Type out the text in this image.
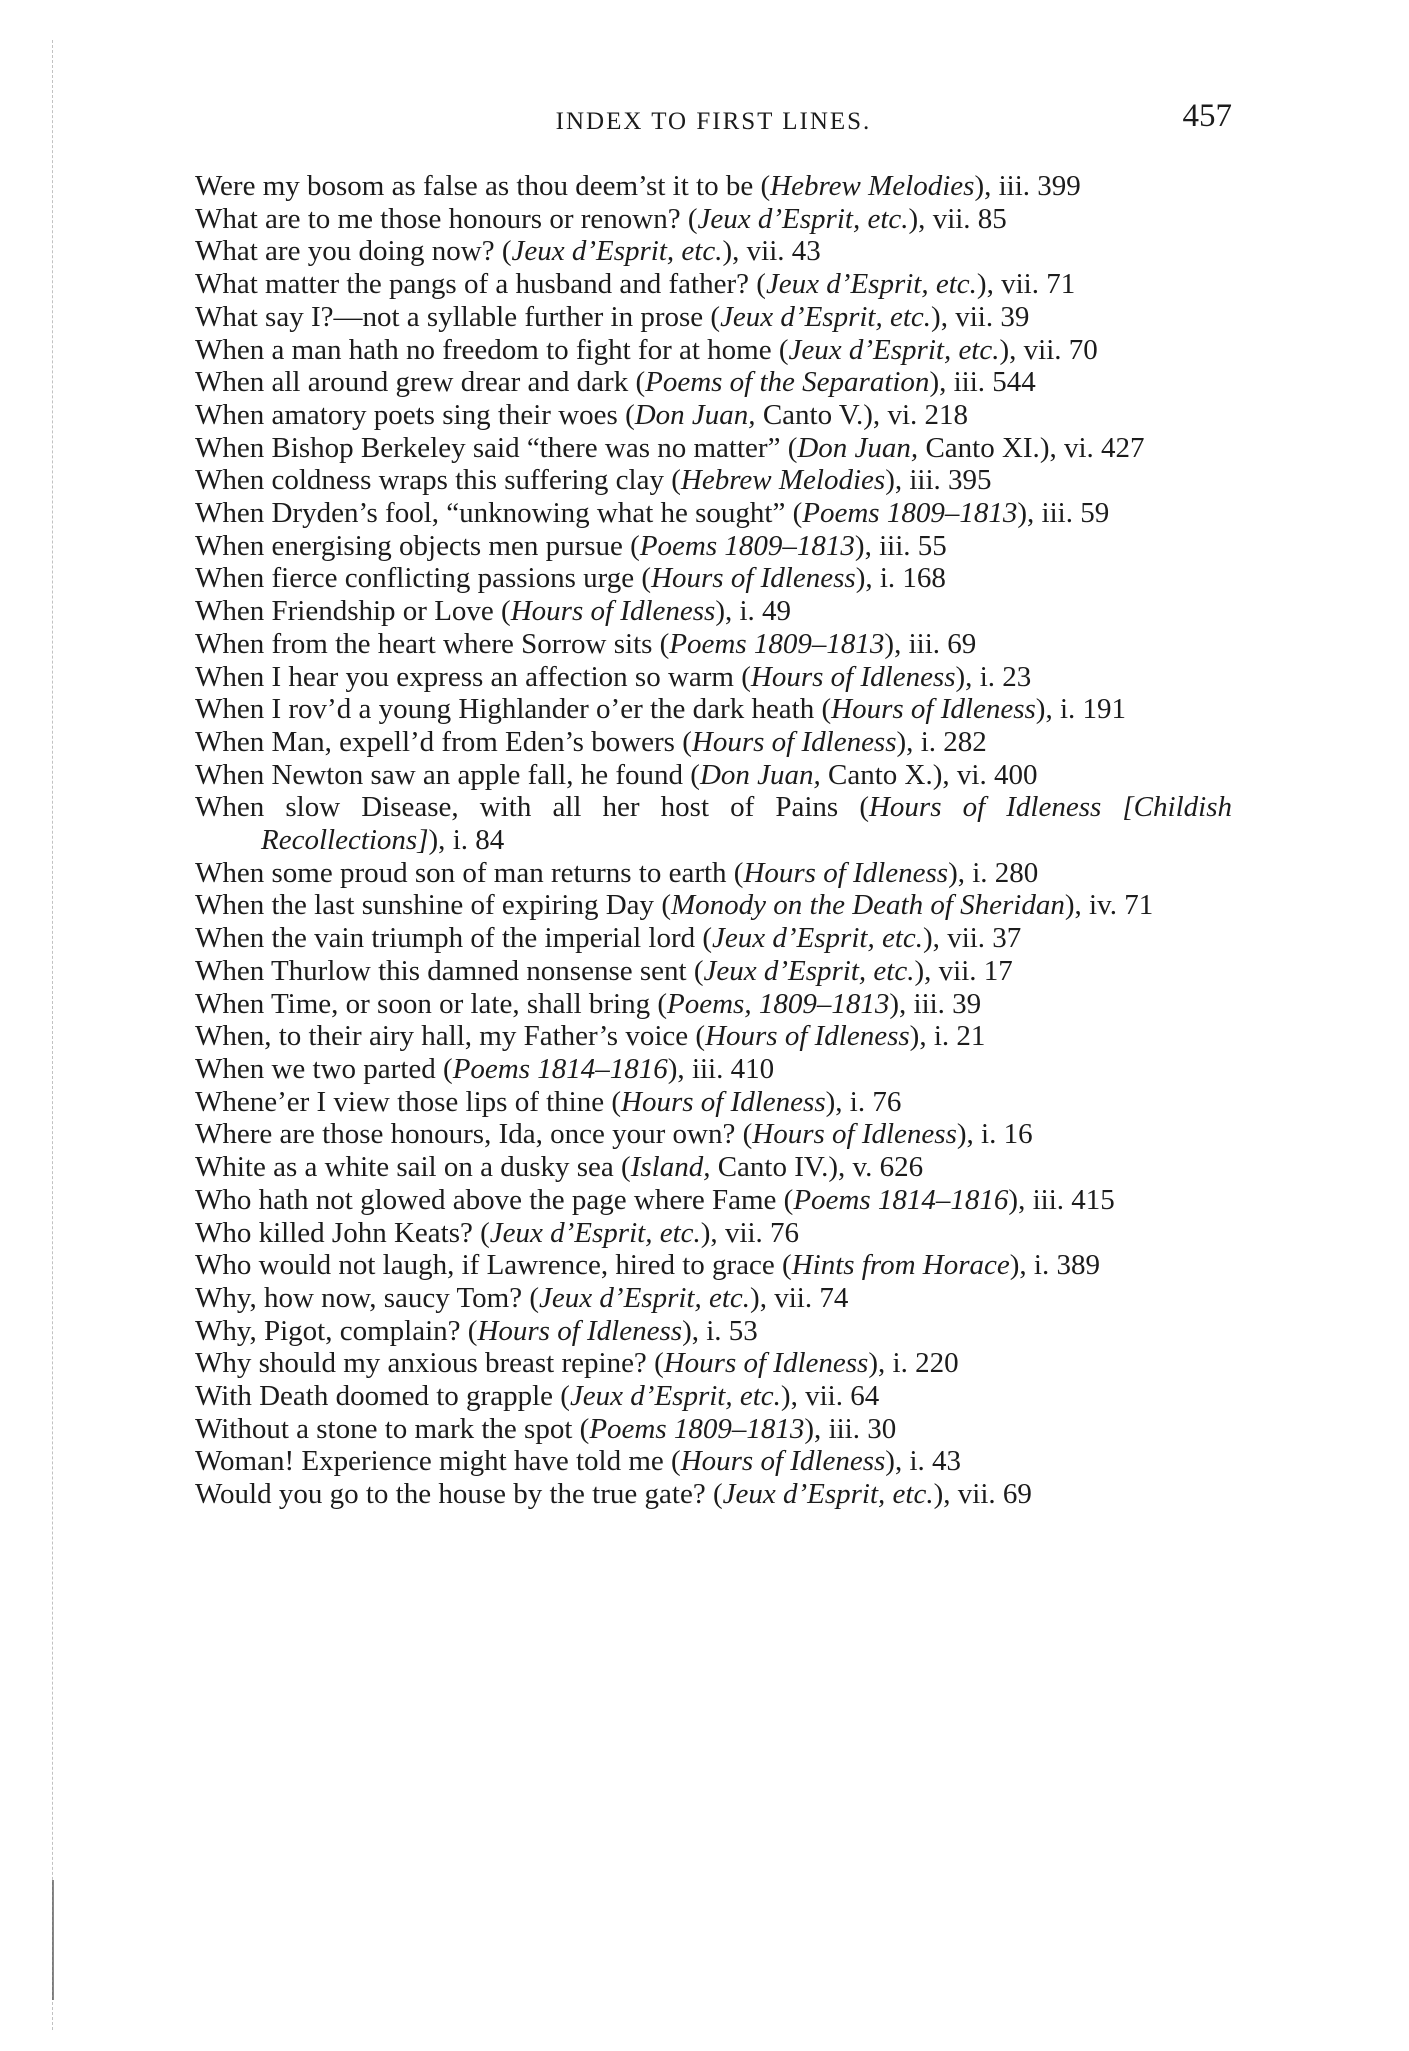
INDEX TO FIRST LINES.	457
Were my bosom as false as thou deem’st it to be (Hebrew Melodies), iii. 399
What are to me those honours or renown? (Jeux d’Esprit, etc.), vii. 85
What are you doing now? (Jeux d’Esprit, etc.), vii. 43
What matter the pangs of a husband and father? (Jeux d’Esprit, etc.), vii. 71
What say I?—not a syllable further in prose (Jeux d’Esprit, etc.), vii. 39
When a man hath no freedom to fight for at home (Jeux d’Esprit, etc.), vii. 70
When all around grew drear and dark (Poems of the Separation), iii. 544
When amatory poets sing their woes (Don Juan, Canto V.), vi. 218
When Bishop Berkeley said “there was no matter” (Don Juan, Canto XI.), vi. 427
When coldness wraps this suffering clay (Hebrew Melodies), iii. 395
When Dryden’s fool, “unknowing what he sought” (Poems 1809–1813), iii. 59
When energising objects men pursue (Poems 1809–1813), iii. 55
When fierce conflicting passions urge (Hours of Idleness), i. 168
When Friendship or Love (Hours of Idleness), i. 49
When from the heart where Sorrow sits (Poems 1809–1813), iii. 69
When I hear you express an affection so warm (Hours of Idleness), i. 23
When I rov’d a young Highlander o’er the dark heath (Hours of Idleness), i. 191
When Man, expell’d from Eden’s bowers (Hours of Idleness), i. 282
When Newton saw an apple fall, he found (Don Juan, Canto X.), vi. 400
When slow Disease, with all her host of Pains (Hours of Idleness [Childish Recollections]), i. 84
When some proud son of man returns to earth (Hours of Idleness), i. 280
When the last sunshine of expiring Day (Monody on the Death of Sheridan), iv. 71
When the vain triumph of the imperial lord (Jeux d’Esprit, etc.), vii. 37
When Thurlow this damned nonsense sent (Jeux d’Esprit, etc.), vii. 17
When Time, or soon or late, shall bring (Poems, 1809–1813), iii. 39
When, to their airy hall, my Father’s voice (Hours of Idleness), i. 21
When we two parted (Poems 1814–1816), iii. 410
Whene’er I view those lips of thine (Hours of Idleness), i. 76
Where are those honours, Ida, once your own? (Hours of Idleness), i. 16
White as a white sail on a dusky sea (Island, Canto IV.), v. 626
Who hath not glowed above the page where Fame (Poems 1814–1816), iii. 415
Who killed John Keats? (Jeux d’Esprit, etc.), vii. 76
Who would not laugh, if Lawrence, hired to grace (Hints from Horace), i. 389
Why, how now, saucy Tom? (Jeux d’Esprit, etc.), vii. 74
Why, Pigot, complain? (Hours of Idleness), i. 53
Why should my anxious breast repine? (Hours of Idleness), i. 220
With Death doomed to grapple (Jeux d’Esprit, etc.), vii. 64
Without a stone to mark the spot (Poems 1809–1813), iii. 30
Woman! Experience might have told me (Hours of Idleness), i. 43
Would you go to the house by the true gate? (Jeux d’Esprit, etc.), vii. 69
